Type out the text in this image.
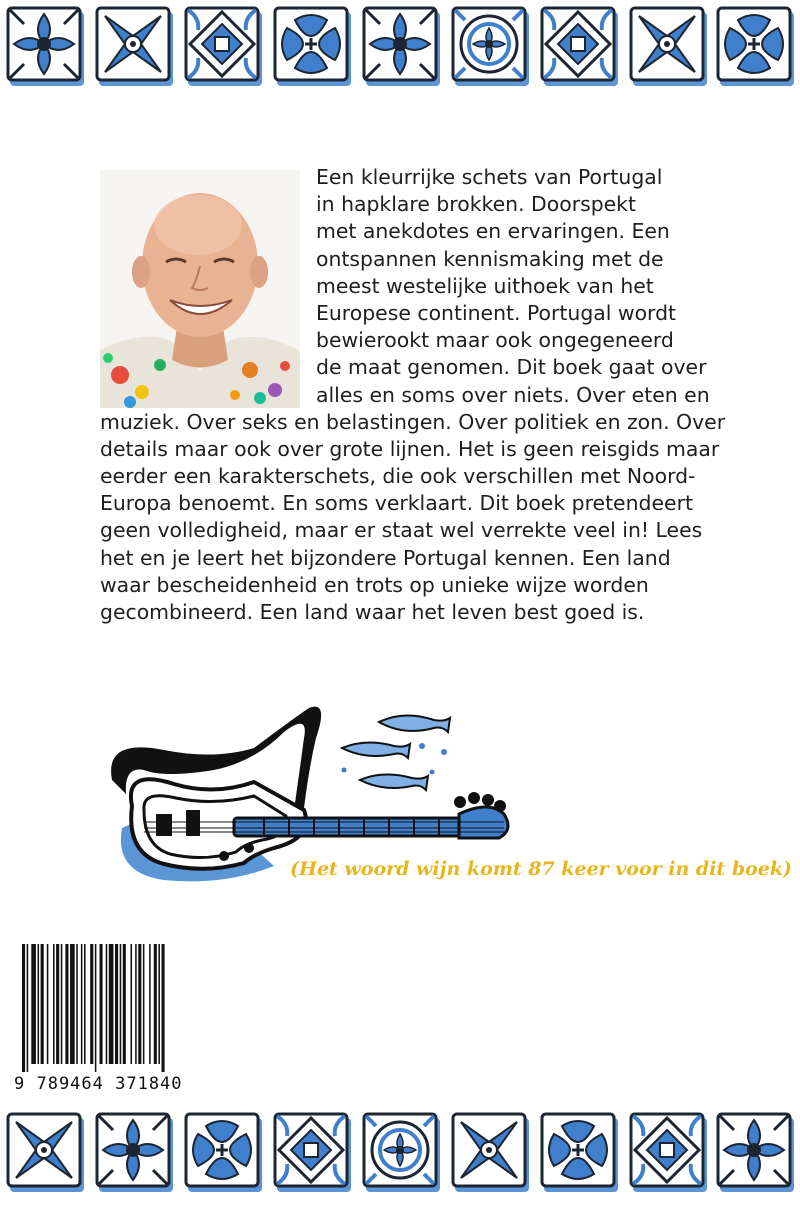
Een kleurrijke schets van Portugal
in hapklare brokken. Doorspekt
met anekdotes en ervaringen. Een
ontspannen kennismaking met de
meest westelijke uithoek van het
Europese continent. Portugal wordt
bewierookt maar ook ongegeneerd
de maat genomen. Dit boek gaat over
alles en soms over niets. Over eten en
muziek. Over seks en belastingen. Over politiek en zon. Over
details maar ook over grote lijnen. Het is geen reisgids maar
eerder een karakterschets, die ook verschillen met Noord-
Europa benoemt. En soms verklaart. Dit boek pretendeert
geen volledigheid, maar er staat wel verrekte veel in! Lees
het en je leert het bijzondere Portugal kennen. Een land
waar bescheidenheid en trots op unieke wijze worden
gecombineerd. Een land waar het leven best goed is.
(Het woord wijn komt 87 keer voor in dit boek)
9 789464 371840
